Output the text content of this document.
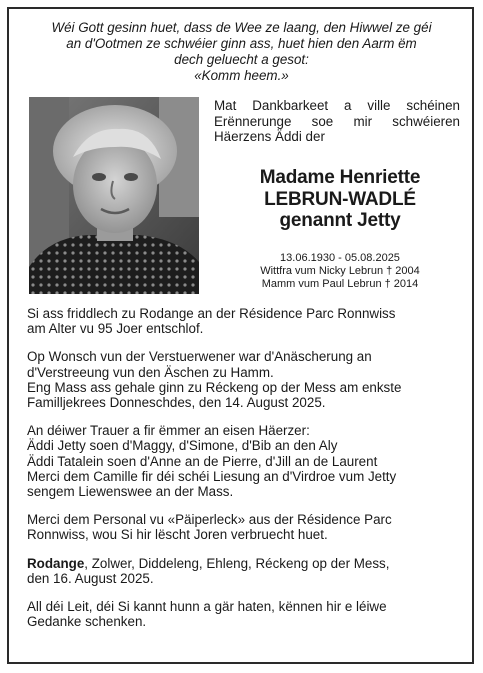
Wéi Gott gesinn huet, dass de Wee ze laang, den Hiwwel ze géi

an d'Ootmen ze schwéier ginn ass, huet hien den Aarm ëm

dech geluecht a gesot:

«Komm heem.»

Mat Dankbarkeet a ville schéinen
Erënnerunge soe mir schwéieren
Häerzens Äddi der
Madame Henriette
LEBRUN-WADLÉ
genannt Jetty
13.06.1930 - 05.08.2025
Wittfra vum Nicky Lebrun † 2004
Mamm vum Paul Lebrun † 2014

Si ass friddlech zu Rodange an der Résidence Parc Ronnwiss
am Alter vu 95 Joer entschlof.

Op Wonsch vun der Verstuerwener war d'Anäscherung an
d'Verstreeung vun den Äschen zu Hamm.
Eng Mass ass gehale ginn zu Réckeng op der Mess am enkste
Familljekrees Donneschdes, den 14. August 2025.

An déiwer Trauer a fir ëmmer an eisen Häerzer:
Äddi Jetty soen d'Maggy, d'Simone, d'Bib an den Aly
Äddi Tatalein soen d'Anne an de Pierre, d'Jill an de Laurent
Merci dem Camille fir déi schéi Liesung an d'Virdroe vum Jetty
sengem Liewenswee an der Mass.

Merci dem Personal vu «Päiperleck» aus der Résidence Parc
Ronnwiss, wou Si hir lëscht Joren verbruecht huet.

Rodange, Zolwer, Diddeleng, Ehleng, Réckeng op der Mess,
den 16. August 2025.

All déi Leit, déi Si kannt hunn a gär haten, kënnen hir e léiwe
Gedanke schenken.
